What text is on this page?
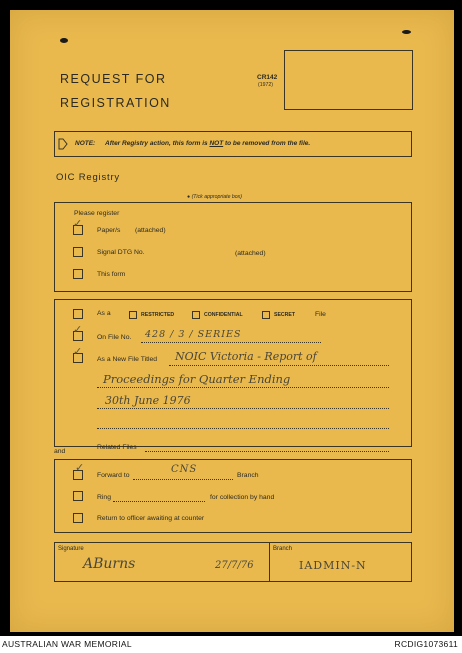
REQUEST FOR
REGISTRATION
CR142
(1972)
NOTE: After Registry action, this form is NOT to be removed from the file.
OIC Registry
● (Tick appropriate box)
Please register
✓
Paper/s (attached)
Signal DTG No.	(attached)
This form
As a	RESTRICTED	CONFIDENTIAL	SECRET	File
✓
On File No. 428 / 3 / SERIES
✓
As a New File Titled NOIC Victoria - Report of
Proceedings for Quarter Ending
30th June 1976
Related Files
and
✓
Forward to
CNS
Branch
Ring	for collection by hand
Return to officer awaiting at counter
Signature
ABurns	27/7/76
Branch
IADMIN-N
AUSTRALIAN WAR MEMORIAL	RCDIG1073611
